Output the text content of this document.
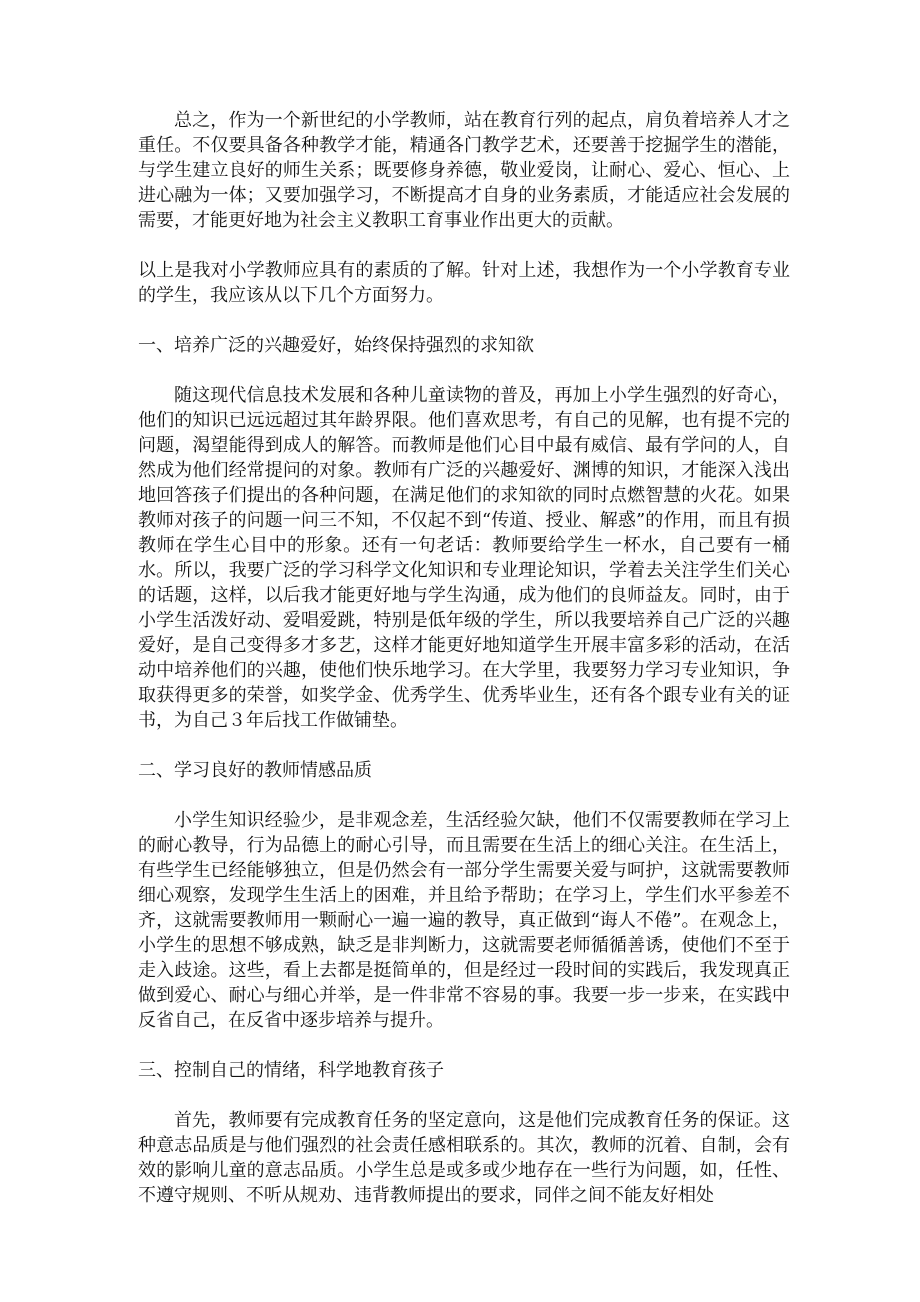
总之，作为一个新世纪的小学教师，站在教育行列的起点，肩负着培养人才之重任。不仅要具备各种教学才能，精通各门教学艺术，还要善于挖掘学生的潜能，与学生建立良好的师生关系；既要修身养德，敬业爱岗，让耐心、爱心、恒心、上进心融为一体；又要加强学习，不断提高才自身的业务素质，才能适应社会发展的需要，才能更好地为社会主义教职工育事业作出更大的贡献。

以上是我对小学教师应具有的素质的了解。针对上述，我想作为一个小学教育专业的学生，我应该从以下几个方面努力。

一、培养广泛的兴趣爱好，始终保持强烈的求知欲

随这现代信息技术发展和各种儿童读物的普及，再加上小学生强烈的好奇心，他们的知识已远远超过其年龄界限。他们喜欢思考，有自己的见解，也有提不完的问题，渴望能得到成人的解答。而教师是他们心目中最有威信、最有学问的人，自然成为他们经常提问的对象。教师有广泛的兴趣爱好、渊博的知识，才能深入浅出地回答孩子们提出的各种问题，在满足他们的求知欲的同时点燃智慧的火花。如果教师对孩子的问题一问三不知，不仅起不到“传道、授业、解惑”的作用，而且有损教师在学生心目中的形象。还有一句老话：教师要给学生一杯水，自己要有一桶水。所以，我要广泛的学习科学文化知识和专业理论知识，学着去关注学生们关心的话题，这样，以后我才能更好地与学生沟通，成为他们的良师益友。同时，由于小学生活泼好动、爱唱爱跳，特别是低年级的学生，所以我要培养自己广泛的兴趣爱好，是自己变得多才多艺，这样才能更好地知道学生开展丰富多彩的活动，在活动中培养他们的兴趣，使他们快乐地学习。在大学里，我要努力学习专业知识，争取获得更多的荣誉，如奖学金、优秀学生、优秀毕业生，还有各个跟专业有关的证书，为自己３年后找工作做铺垫。

二、学习良好的教师情感品质

小学生知识经验少，是非观念差，生活经验欠缺，他们不仅需要教师在学习上的耐心教导，行为品德上的耐心引导，而且需要在生活上的细心关注。在生活上，有些学生已经能够独立，但是仍然会有一部分学生需要关爱与呵护，这就需要教师细心观察，发现学生生活上的困难，并且给予帮助；在学习上，学生们水平参差不齐，这就需要教师用一颗耐心一遍一遍的教导，真正做到“诲人不倦”。在观念上，小学生的思想不够成熟，缺乏是非判断力，这就需要老师循循善诱，使他们不至于走入歧途。这些，看上去都是挺简单的，但是经过一段时间的实践后，我发现真正做到爱心、耐心与细心并举，是一件非常不容易的事。我要一步一步来，在实践中反省自己，在反省中逐步培养与提升。

三、控制自己的情绪，科学地教育孩子

首先，教师要有完成教育任务的坚定意向，这是他们完成教育任务的保证。这种意志品质是与他们强烈的社会责任感相联系的。其次，教师的沉着、自制，会有效的影响儿童的意志品质。小学生总是或多或少地存在一些行为问题，如，任性、不遵守规则、不听从规劝、违背教师提出的要求，同伴之间不能友好相处
